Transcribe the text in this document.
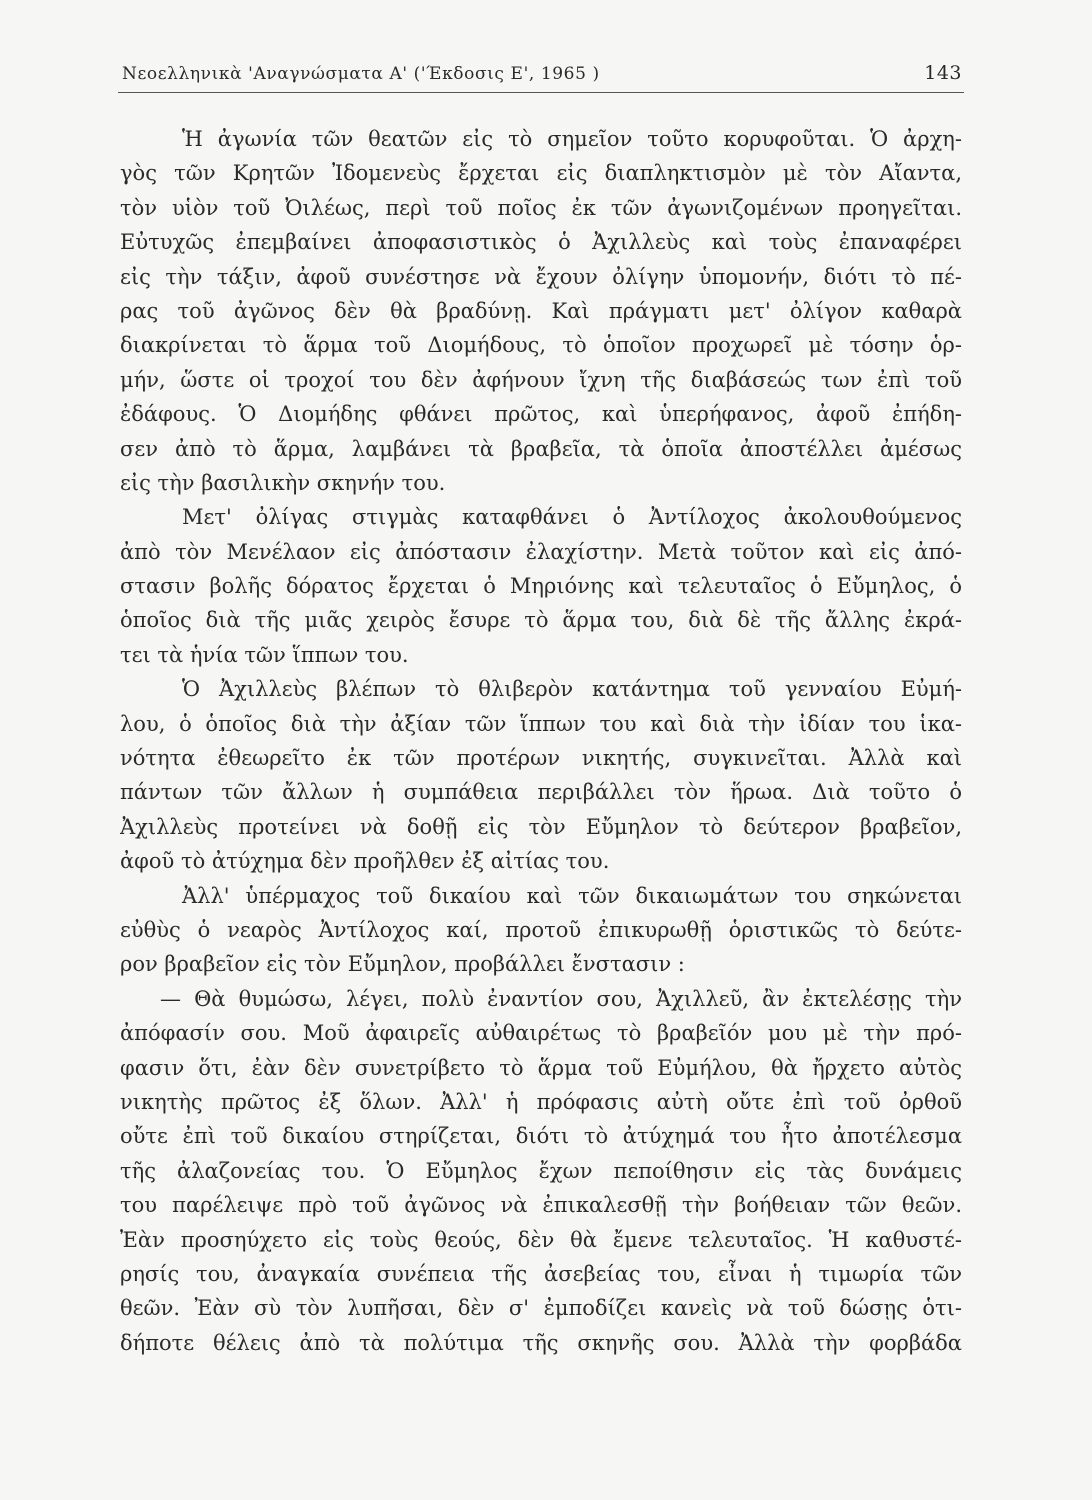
Νεοελληνικὰ 'Αναγνώσματα Α' ('Έκδοσις Ε', 1965 )	143
Ἡ ἀγωνία τῶν θεατῶν εἰς τὸ σημεῖον τοῦτο κορυφοῦται. Ὁ ἀρχη-
γὸς τῶν Κρητῶν Ἰδομενεὺς ἔρχεται εἰς διαπληκτισμὸν μὲ τὸν Αἴαντα,
τὸν υἱὸν τοῦ Ὀιλέως, περὶ τοῦ ποῖος ἐκ τῶν ἀγωνιζομένων προηγεῖται.
Εὐτυχῶς ἐπεμβαίνει ἀποφασιστικὸς ὁ Ἀχιλλεὺς καὶ τοὺς ἐπαναφέρει
εἰς τὴν τάξιν, ἀφοῦ συνέστησε νὰ ἔχουν ὀλίγην ὑπομονήν, διότι τὸ πέ-
ρας τοῦ ἀγῶνος δὲν θὰ βραδύνῃ. Καὶ πράγματι μετ' ὀλίγον καθαρὰ
διακρίνεται τὸ ἅρμα τοῦ Διομήδους, τὸ ὁποῖον προχωρεῖ μὲ τόσην ὁρ-
μήν, ὥστε οἱ τροχοί του δὲν ἀφήνουν ἴχνη τῆς διαβάσεώς των ἐπὶ τοῦ
ἐδάφους. Ὁ Διομήδης φθάνει πρῶτος, καὶ ὑπερήφανος, ἀφοῦ ἐπήδη-
σεν ἀπὸ τὸ ἅρμα, λαμβάνει τὰ βραβεῖα, τὰ ὁποῖα ἀποστέλλει ἀμέσως
εἰς τὴν βασιλικὴν σκηνήν του.
Μετ' ὀλίγας στιγμὰς καταφθάνει ὁ Ἀντίλοχος ἀκολουθούμενος
ἀπὸ τὸν Μενέλαον εἰς ἀπόστασιν ἐλαχίστην. Μετὰ τοῦτον καὶ εἰς ἀπό-
στασιν βολῆς δόρατος ἔρχεται ὁ Μηριόνης καὶ τελευταῖος ὁ Εὔμηλος, ὁ
ὁποῖος διὰ τῆς μιᾶς χειρὸς ἔσυρε τὸ ἅρμα του, διὰ δὲ τῆς ἄλλης ἐκρά-
τει τὰ ἡνία τῶν ἵππων του.
Ὁ Ἀχιλλεὺς βλέπων τὸ θλιβερὸν κατάντημα τοῦ γενναίου Εὐμή-
λου, ὁ ὁποῖος διὰ τὴν ἀξίαν τῶν ἵππων του καὶ διὰ τὴν ἰδίαν του ἱκα-
νότητα ἐθεωρεῖτο ἐκ τῶν προτέρων νικητής, συγκινεῖται. Ἀλλὰ καὶ
πάντων τῶν ἄλλων ἡ συμπάθεια περιβάλλει τὸν ἥρωα. Διὰ τοῦτο ὁ
Ἀχιλλεὺς προτείνει νὰ δοθῇ εἰς τὸν Εὔμηλον τὸ δεύτερον βραβεῖον,
ἀφοῦ τὸ ἀτύχημα δὲν προῆλθεν ἐξ αἰτίας του.
Ἀλλ' ὑπέρμαχος τοῦ δικαίου καὶ τῶν δικαιωμάτων του σηκώνεται
εὐθὺς ὁ νεαρὸς Ἀντίλοχος καί, προτοῦ ἐπικυρωθῇ ὁριστικῶς τὸ δεύτε-
ρον βραβεῖον εἰς τὸν Εὔμηλον, προβάλλει ἔνστασιν :
— Θὰ θυμώσω, λέγει, πολὺ ἐναντίον σου, Ἀχιλλεῦ, ἂν ἐκτελέσῃς τὴν
ἀπόφασίν σου. Μοῦ ἀφαιρεῖς αὐθαιρέτως τὸ βραβεῖόν μου μὲ τὴν πρό-
φασιν ὅτι, ἐὰν δὲν συνετρίβετο τὸ ἅρμα τοῦ Εὐμήλου, θὰ ἤρχετο αὐτὸς
νικητὴς πρῶτος ἐξ ὅλων. Ἀλλ' ἡ πρόφασις αὐτὴ οὔτε ἐπὶ τοῦ ὀρθοῦ
οὔτε ἐπὶ τοῦ δικαίου στηρίζεται, διότι τὸ ἀτύχημά του ἦτο ἀποτέλεσμα
τῆς ἀλαζονείας του. Ὁ Εὔμηλος ἔχων πεποίθησιν εἰς τὰς δυνάμεις
του παρέλειψε πρὸ τοῦ ἀγῶνος νὰ ἐπικαλεσθῇ τὴν βοήθειαν τῶν θεῶν.
Ἐὰν προσηύχετο εἰς τοὺς θεούς, δὲν θὰ ἔμενε τελευταῖος. Ἡ καθυστέ-
ρησίς του, ἀναγκαία συνέπεια τῆς ἀσεβείας του, εἶναι ἡ τιμωρία τῶν
θεῶν. Ἐὰν σὺ τὸν λυπῆσαι, δὲν σ' ἐμποδίζει κανεὶς νὰ τοῦ δώσῃς ὁτι-
δήποτε θέλεις ἀπὸ τὰ πολύτιμα τῆς σκηνῆς σου. Ἀλλὰ τὴν φορβάδα
